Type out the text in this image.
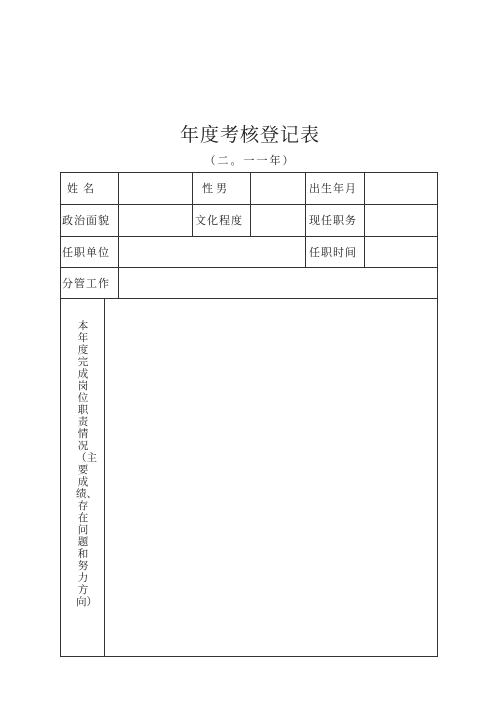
年度考核登记表
（二。一一年）
姓名	性男	出生年月
政治面貌	文化程度	现任职务
任职单位	任职时间
分管工作
本年度完成岗位职责情况（主要成绩、存在问题和努力方向）
